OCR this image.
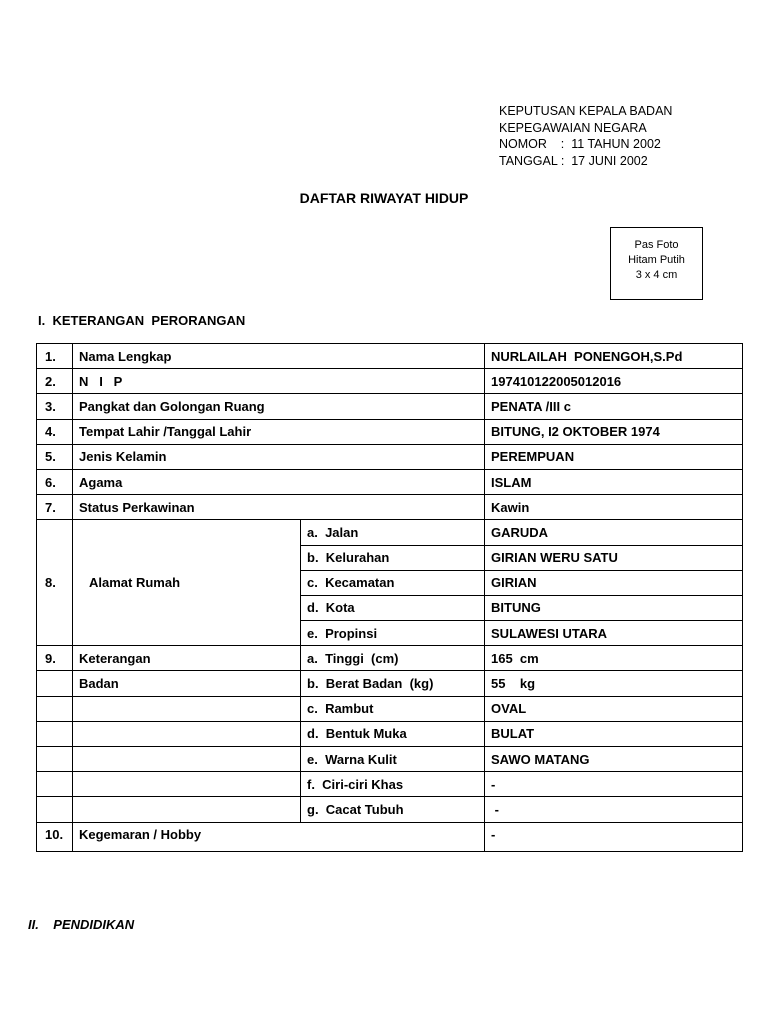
KEPUTUSAN KEPALA BADAN
KEPEGAWAIAN NEGARA
NOMOR    :  11 TAHUN 2002
TANGGAL :  17 JUNI 2002
DAFTAR RIWAYAT HIDUP
Pas Foto
Hitam Putih
3 x 4 cm
I.  KETERANGAN  PERORANGAN
1.	Nama Lengkap		NURLAILAH  PONENGOH,S.Pd
2.	N   I   P		197410122005012016
3.	Pangkat dan Golongan Ruang		PENATA /III c
4.	Tempat Lahir /Tanggal Lahir		BITUNG, I2 OKTOBER 1974
5.	Jenis Kelamin		PEREMPUAN
6.	Agama		ISLAM
7.	Status Perkawinan		Kawin
8.	Alamat Rumah	a.  Jalan	GARUDA
		b.  Kelurahan	GIRIAN WERU SATU
		c.  Kecamatan	GIRIAN
		d.  Kota	BITUNG
		e.  Propinsi	SULAWESI UTARA
9.	Keterangan	a.  Tinggi  (cm)	165  cm
	Badan	b.  Berat Badan  (kg)	55    kg
		c.  Rambut	OVAL
		d.  Bentuk Muka	BULAT
		e.  Warna Kulit	SAWO MATANG
		f.  Ciri-ciri Khas	-
		g.  Cacat Tubuh	-
10.	Kegemaran / Hobby		-
II.    PENDIDIKAN
